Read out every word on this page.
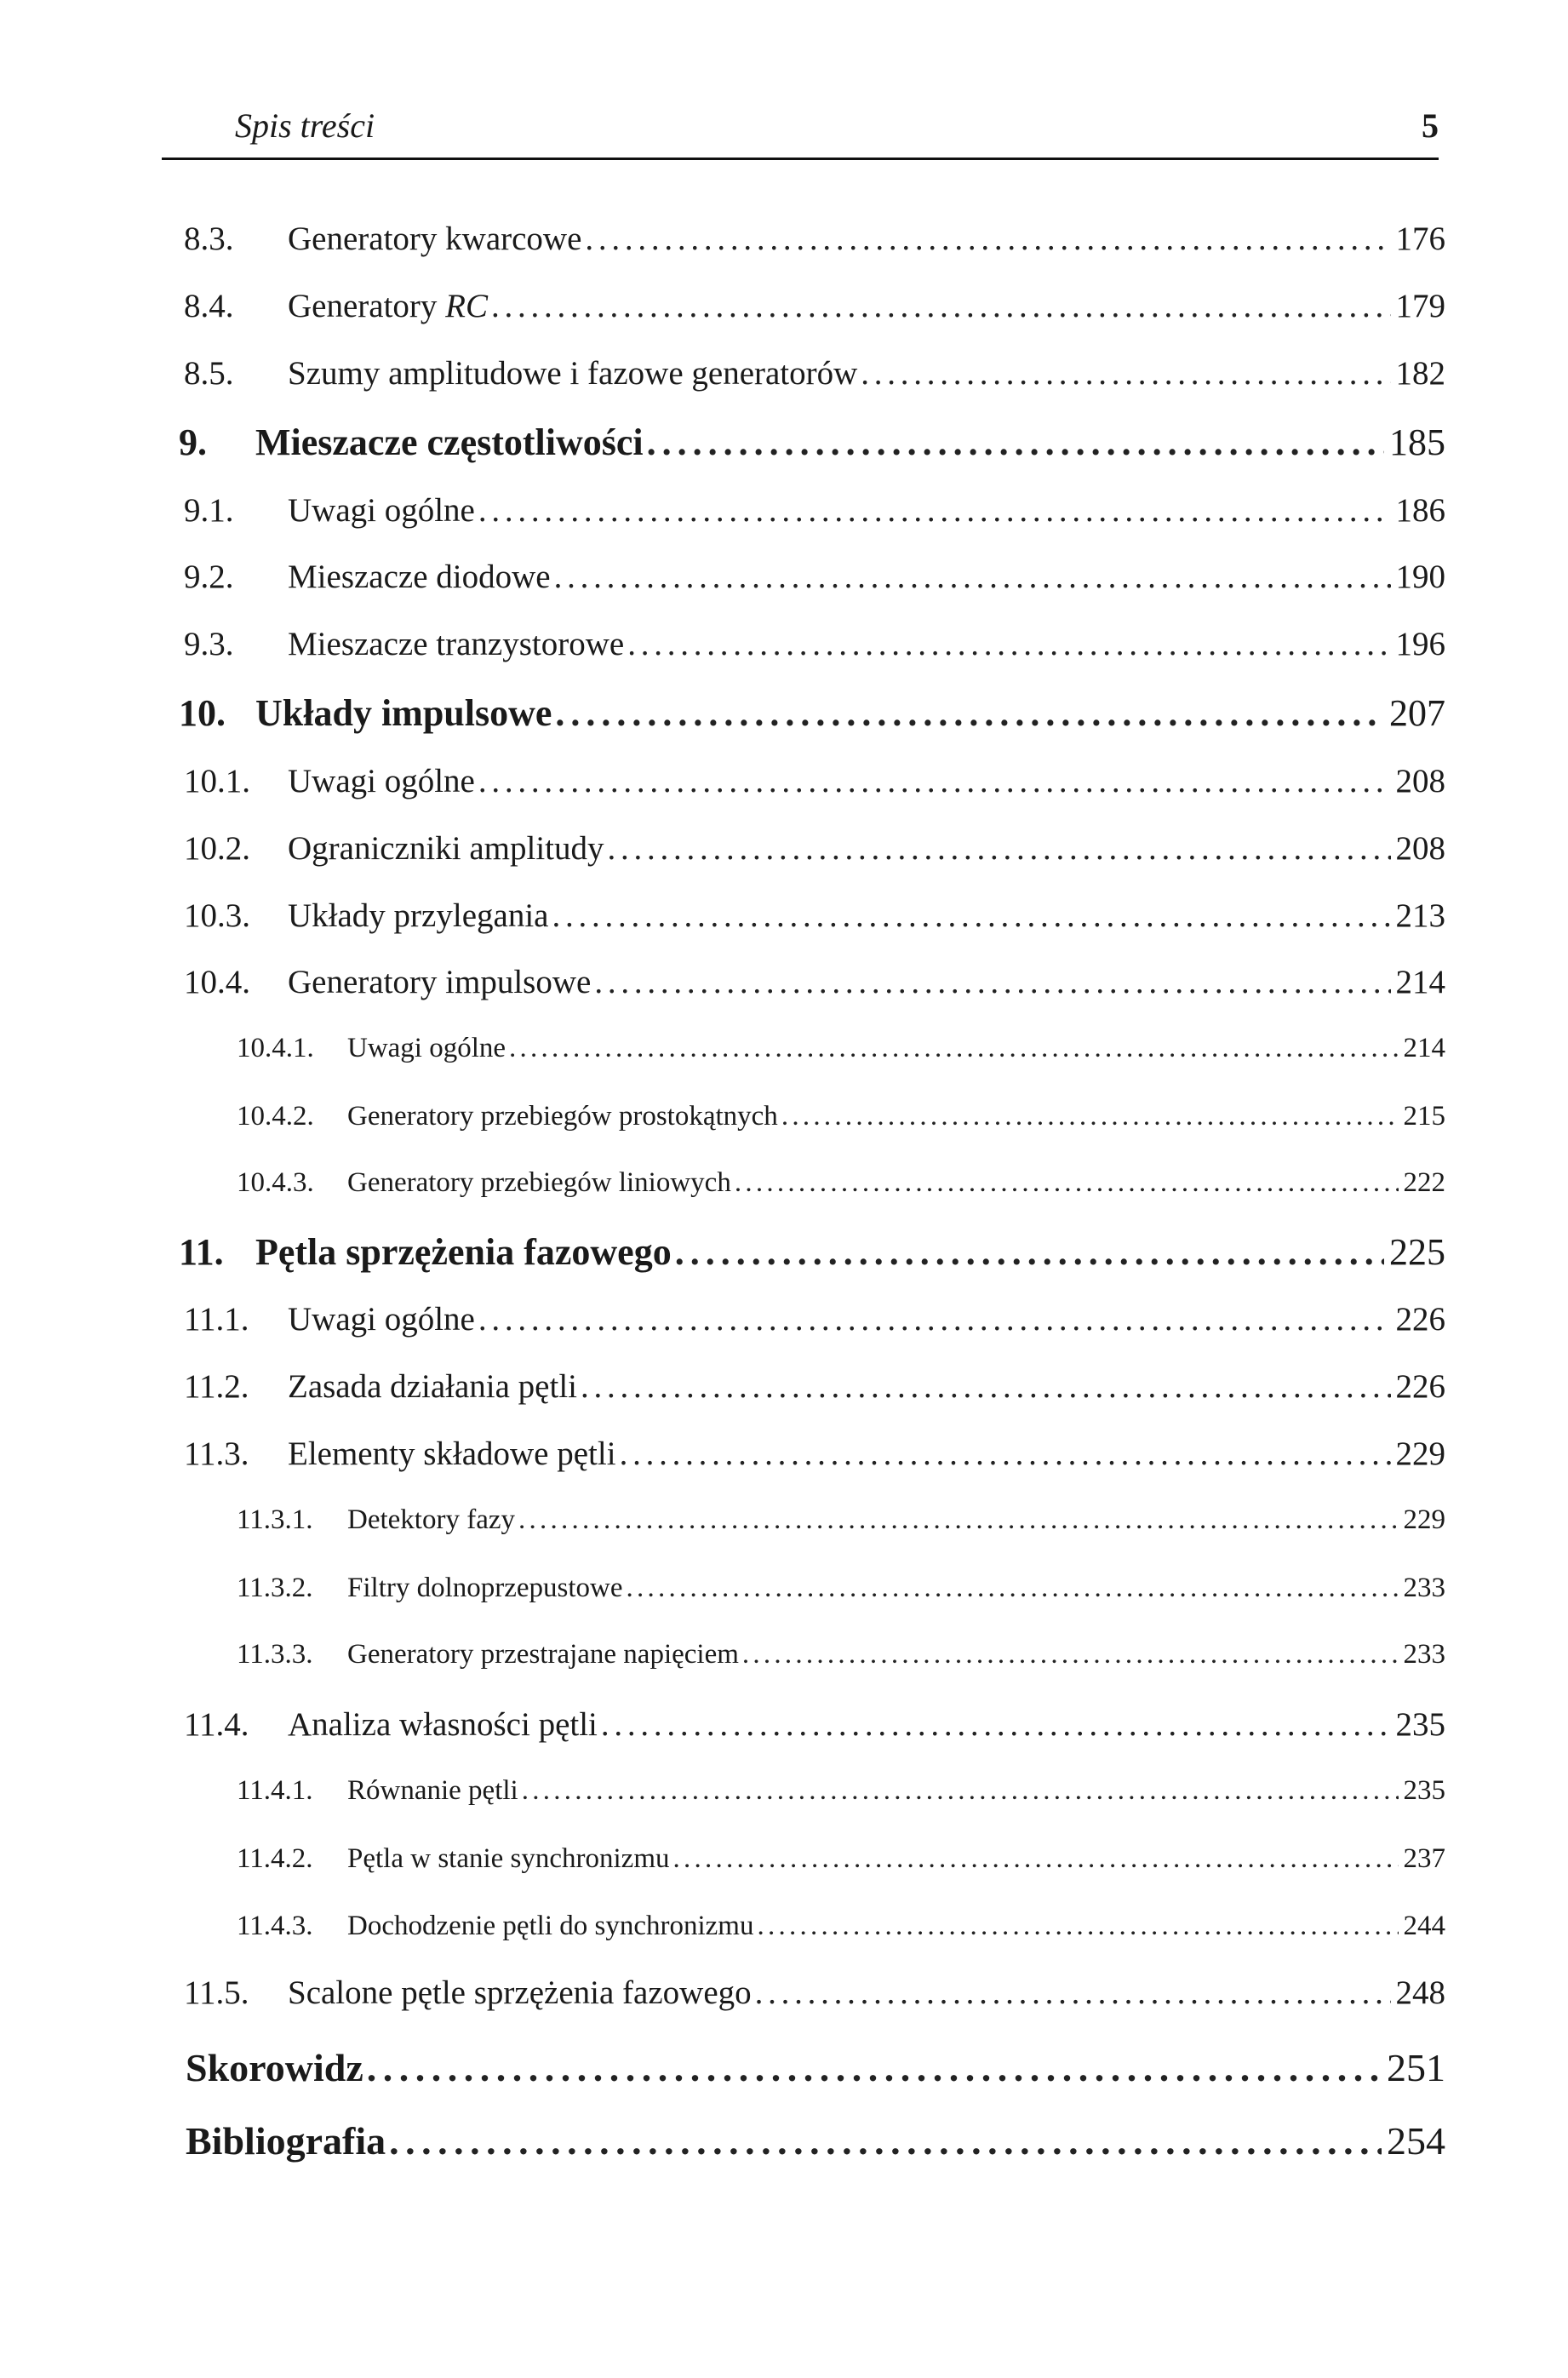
Spis treści	5
8.3.	Generatory kwarcowe . . .	176
8.4.	Generatory RC . . .	179
8.5.	Szumy amplitudowe i fazowe generatorów . . .	182
9.	Mieszacze częstotliwości . . .	185
9.1.	Uwagi ogólne . . .	186
9.2.	Mieszacze diodowe . . .	190
9.3.	Mieszacze tranzystorowe . . .	196
10. Układy impulsowe . . .	207
10.1.	Uwagi ogólne . . .	208
10.2.	Ograniczniki amplitudy . . .	208
10.3.	Układy przylegania . . .	213
10.4.	Generatory impulsowe . . .	214
10.4.1.	Uwagi ogólne . . .	214
10.4.2.	Generatory przebiegów prostokątnych . . .	215
10.4.3.	Generatory przebiegów liniowych . . .	222
11. Pętla sprzężenia fazowego . . .	225
11.1.	Uwagi ogólne . . .	226
11.2.	Zasada działania pętli . . .	226
11.3.	Elementy składowe pętli . . .	229
11.3.1.	Detektory fazy . . .	229
11.3.2.	Filtry dolnoprzepustowe . . .	233
11.3.3.	Generatory przestrajane napięciem . . .	233
11.4.	Analiza własności pętli . . .	235
11.4.1.	Równanie pętli . . .	235
11.4.2.	Pętla w stanie synchronizmu . . .	237
11.4.3.	Dochodzenie pętli do synchronizmu . . .	244
11.5.	Scalone pętle sprzężenia fazowego . . .	248
Skorowidz . . .	251
Bibliografia . . .	254
